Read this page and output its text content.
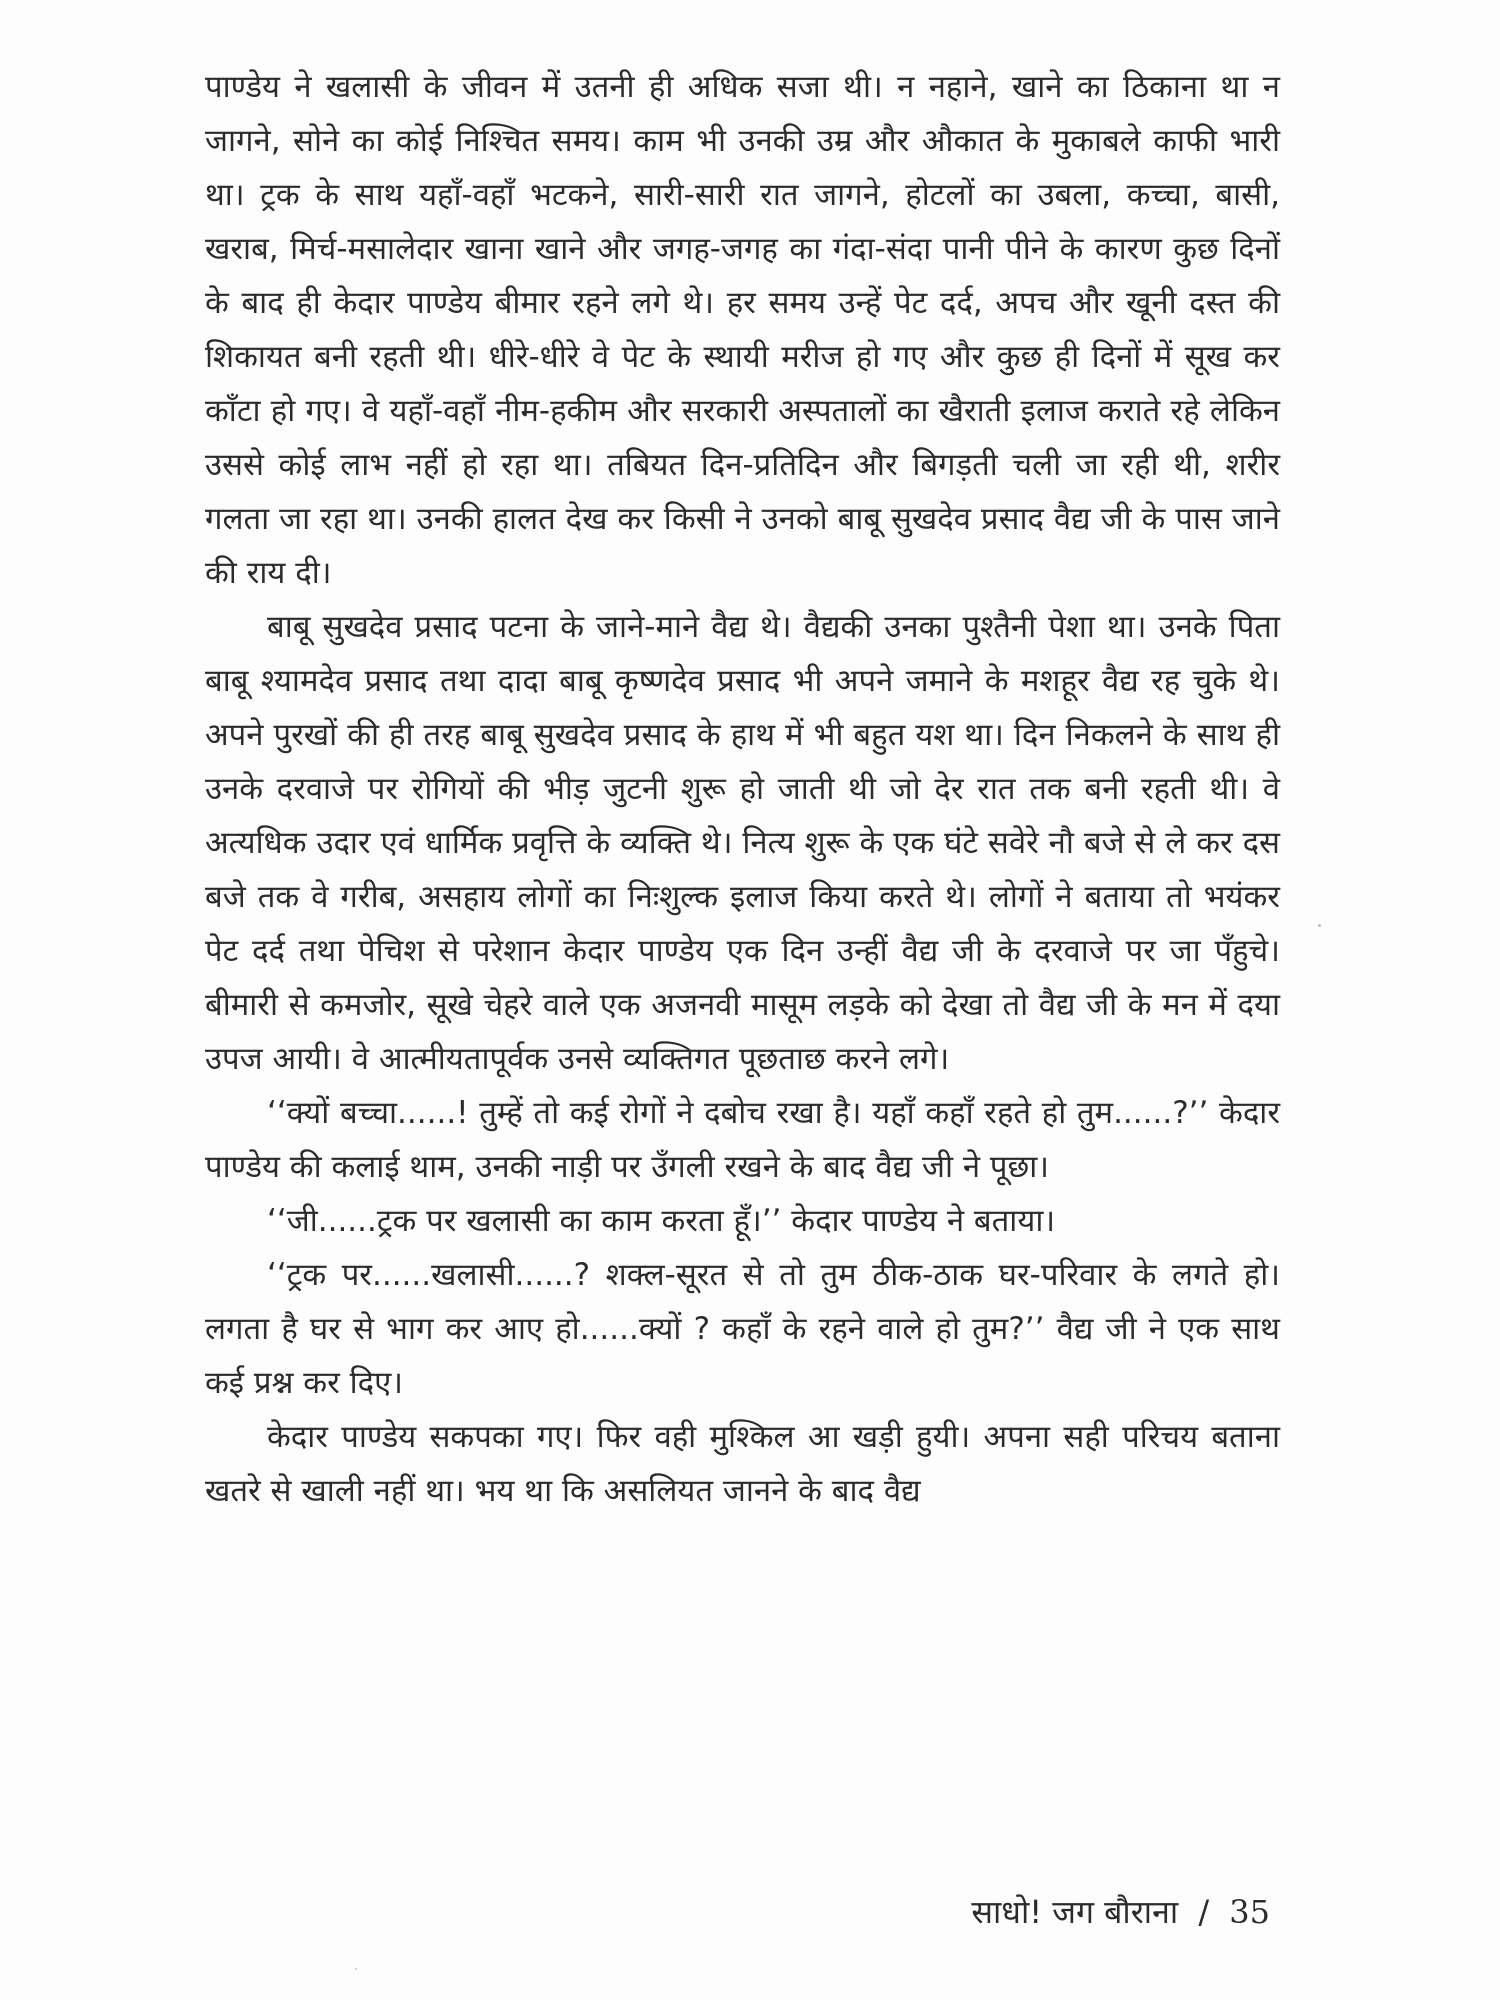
पाण्डेय ने खलासी के जीवन में उतनी ही अधिक सजा थी। न नहाने, खाने का ठिकाना था न जागने, सोने का कोई निश्चित समय। काम भी उनकी उम्र और औकात के मुकाबले काफी भारी था। ट्रक के साथ यहाँ-वहाँ भटकने, सारी-सारी रात जागने, होटलों का उबला, कच्चा, बासी, खराब, मिर्च-मसालेदार खाना खाने और जगह-जगह का गंदा-संदा पानी पीने के कारण कुछ दिनों के बाद ही केदार पाण्डेय बीमार रहने लगे थे। हर समय उन्हें पेट दर्द, अपच और खूनी दस्त की शिकायत बनी रहती थी। धीरे-धीरे वे पेट के स्थायी मरीज हो गए और कुछ ही दिनों में सूख कर काँटा हो गए। वे यहाँ-वहाँ नीम-हकीम और सरकारी अस्पतालों का खैराती इलाज कराते रहे लेकिन उससे कोई लाभ नहीं हो रहा था। तबियत दिन-प्रतिदिन और बिगड़ती चली जा रही थी, शरीर गलता जा रहा था। उनकी हालत देख कर किसी ने उनको बाबू सुखदेव प्रसाद वैद्य जी के पास जाने की राय दी।

बाबू सुखदेव प्रसाद पटना के जाने-माने वैद्य थे। वैद्यकी उनका पुश्तैनी पेशा था। उनके पिता बाबू श्यामदेव प्रसाद तथा दादा बाबू कृष्णदेव प्रसाद भी अपने जमाने के मशहूर वैद्य रह चुके थे। अपने पुरखों की ही तरह बाबू सुखदेव प्रसाद के हाथ में भी बहुत यश था। दिन निकलने के साथ ही उनके दरवाजे पर रोगियों की भीड़ जुटनी शुरू हो जाती थी जो देर रात तक बनी रहती थी। वे अत्यधिक उदार एवं धार्मिक प्रवृत्ति के व्यक्ति थे। नित्य शुरू के एक घंटे सवेरे नौ बजे से ले कर दस बजे तक वे गरीब, असहाय लोगों का निःशुल्क इलाज किया करते थे। लोगों ने बताया तो भयंकर पेट दर्द तथा पेचिश से परेशान केदार पाण्डेय एक दिन उन्हीं वैद्य जी के दरवाजे पर जा पँहुचे। बीमारी से कमजोर, सूखे चेहरे वाले एक अजनवी मासूम लड़के को देखा तो वैद्य जी के मन में दया उपज आयी। वे आत्मीयतापूर्वक उनसे व्यक्तिगत पूछताछ करने लगे।

‘‘क्यों बच्चा......! तुम्हें तो कई रोगों ने दबोच रखा है। यहाँ कहाँ रहते हो तुम......?’’ केदार पाण्डेय की कलाई थाम, उनकी नाड़ी पर उँगली रखने के बाद वैद्य जी ने पूछा।

‘‘जी......ट्रक पर खलासी का काम करता हूँ।’’ केदार पाण्डेय ने बताया।

‘‘ट्रक पर......खलासी......? शक्ल-सूरत से तो तुम ठीक-ठाक घर-परिवार के लगते हो। लगता है घर से भाग कर आए हो......क्यों ? कहाँ के रहने वाले हो तुम?’’ वैद्य जी ने एक साथ कई प्रश्न कर दिए।

केदार पाण्डेय सकपका गए। फिर वही मुश्किल आ खड़ी हुयी। अपना सही परिचय बताना खतरे से खाली नहीं था। भय था कि असलियत जानने के बाद वैद्य

साधो! जग बौराना / 35
